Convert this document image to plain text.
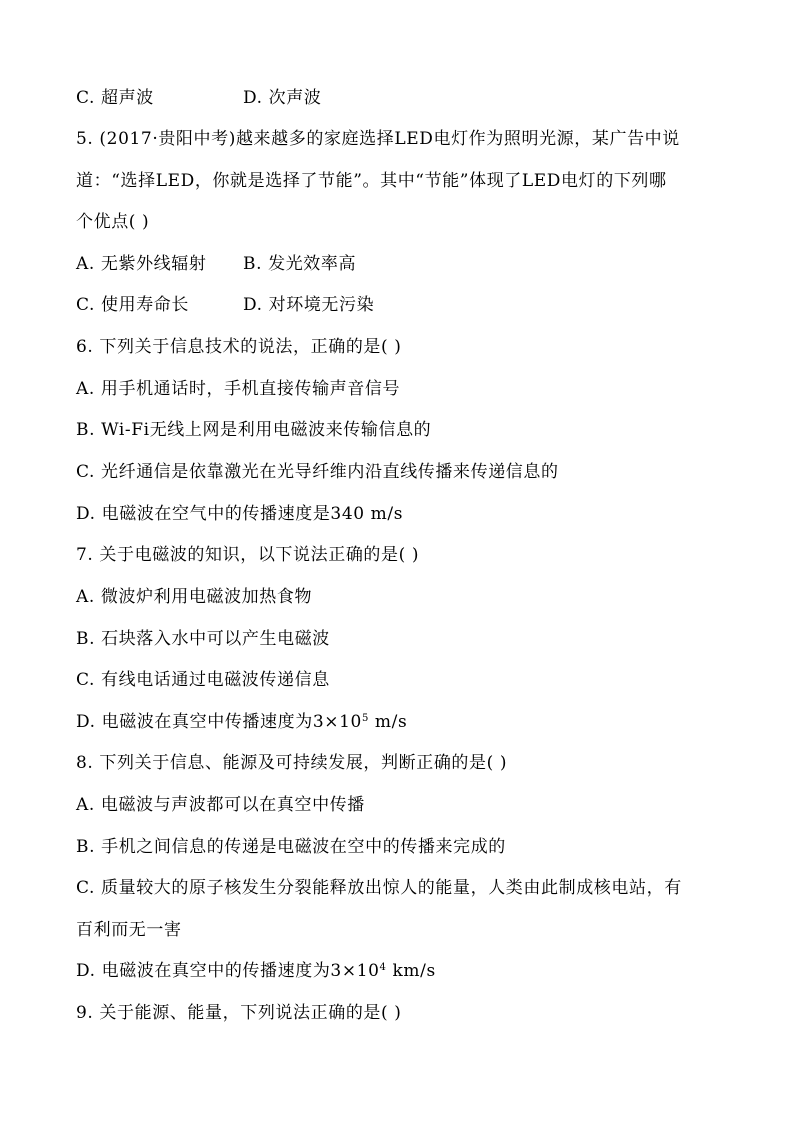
C. 超声波	D. 次声波
5. (2017·贵阳中考)越来越多的家庭选择LED电灯作为照明光源，某广告中说
道：“选择LED，你就是选择了节能”。其中“节能”体现了LED电灯的下列哪
个优点( )
A. 无紫外线辐射 B. 发光效率高
C. 使用寿命长	D. 对环境无污染
6. 下列关于信息技术的说法，正确的是( )
A. 用手机通话时，手机直接传输声音信号
B. Wi-Fi无线上网是利用电磁波来传输信息的
C. 光纤通信是依靠激光在光导纤维内沿直线传播来传递信息的
D. 电磁波在空气中的传播速度是340 m/s
7. 关于电磁波的知识，以下说法正确的是( )
A. 微波炉利用电磁波加热食物
B. 石块落入水中可以产生电磁波
C. 有线电话通过电磁波传递信息
D. 电磁波在真空中传播速度为$3\times 10^5$ m/s
8. 下列关于信息、能源及可持续发展，判断正确的是( )
A. 电磁波与声波都可以在真空中传播
B. 手机之间信息的传递是电磁波在空中的传播来完成的
C. 质量较大的原子核发生分裂能释放出惊人的能量，人类由此制成核电站，有
百利而无一害
D. 电磁波在真空中的传播速度为$3\times 10^4$ km/s
9. 关于能源、能量，下列说法正确的是( )
